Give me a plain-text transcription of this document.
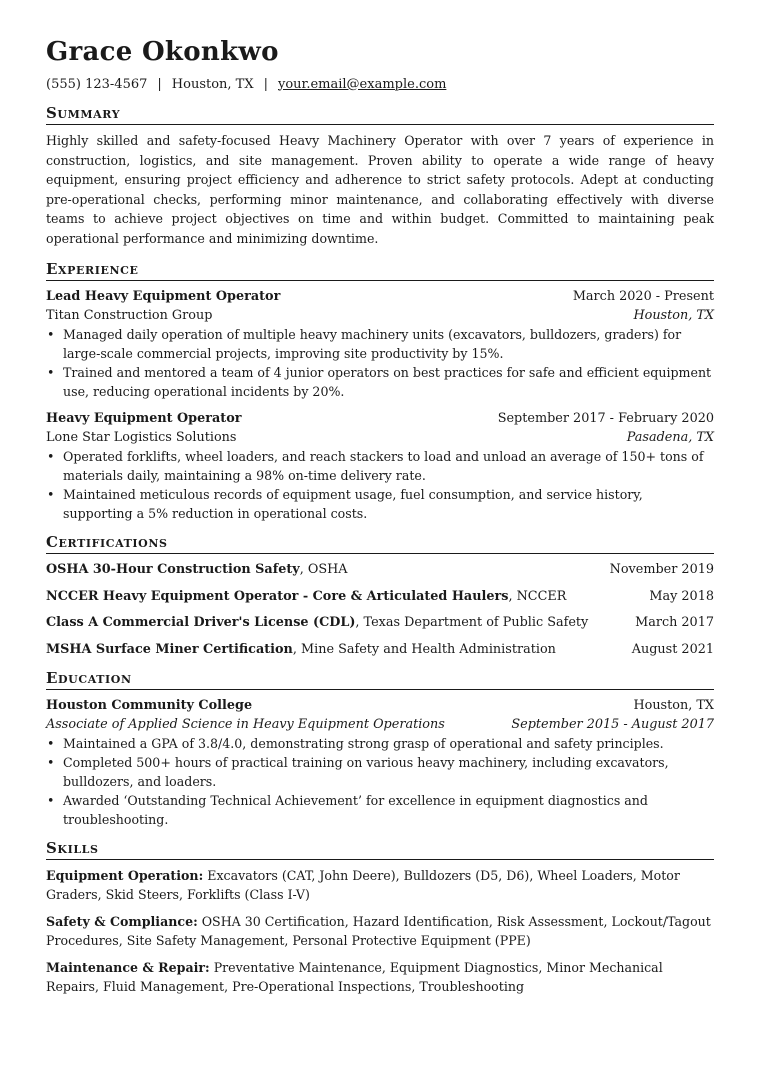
Grace Okonkwo
(555) 123-4567 | Houston, TX | your.email@example.com
Summary

Highly skilled and safety-focused Heavy Machinery Operator with over 7 years of experience in construction, logistics, and site management. Proven ability to operate a wide range of heavy equipment, ensuring project efficiency and adherence to strict safety protocols. Adept at conducting pre-operational checks, performing minor maintenance, and collaborating effectively with diverse teams to achieve project objectives on time and within budget. Committed to maintaining peak operational performance and minimizing downtime.

Experience
Lead Heavy Equipment Operator	March 2020 - Present
Titan Construction Group	Houston, TX
• Managed daily operation of multiple heavy machinery units (excavators, bulldozers, graders) for large-scale commercial projects, improving site productivity by 15%.
• Trained and mentored a team of 4 junior operators on best practices for safe and efficient equipment use, reducing operational incidents by 20%.
Heavy Equipment Operator	September 2017 - February 2020
Lone Star Logistics Solutions	Pasadena, TX
• Operated forklifts, wheel loaders, and reach stackers to load and unload an average of 150+ tons of materials daily, maintaining a 98% on-time delivery rate.
• Maintained meticulous records of equipment usage, fuel consumption, and service history, supporting a 5% reduction in operational costs.
Certifications
OSHA 30-Hour Construction Safety, OSHA	November 2019
NCCER Heavy Equipment Operator - Core & Articulated Haulers, NCCER	May 2018
Class A Commercial Driver's License (CDL), Texas Department of Public Safety	March 2017
MSHA Surface Miner Certification, Mine Safety and Health Administration	August 2021
Education
Houston Community College	Houston, TX
Associate of Applied Science in Heavy Equipment Operations	September 2015 - August 2017
• Maintained a GPA of 3.8/4.0, demonstrating strong grasp of operational and safety principles.
• Completed 500+ hours of practical training on various heavy machinery, including excavators, bulldozers, and loaders.
• Awarded ‘Outstanding Technical Achievement’ for excellence in equipment diagnostics and troubleshooting.
Skills

Equipment Operation: Excavators (CAT, John Deere), Bulldozers (D5, D6), Wheel Loaders, Motor Graders, Skid Steers, Forklifts (Class I-V)

Safety & Compliance: OSHA 30 Certification, Hazard Identification, Risk Assessment, Lockout/Tagout Procedures, Site Safety Management, Personal Protective Equipment (PPE)

Maintenance & Repair: Preventative Maintenance, Equipment Diagnostics, Minor Mechanical Repairs, Fluid Management, Pre-Operational Inspections, Troubleshooting
